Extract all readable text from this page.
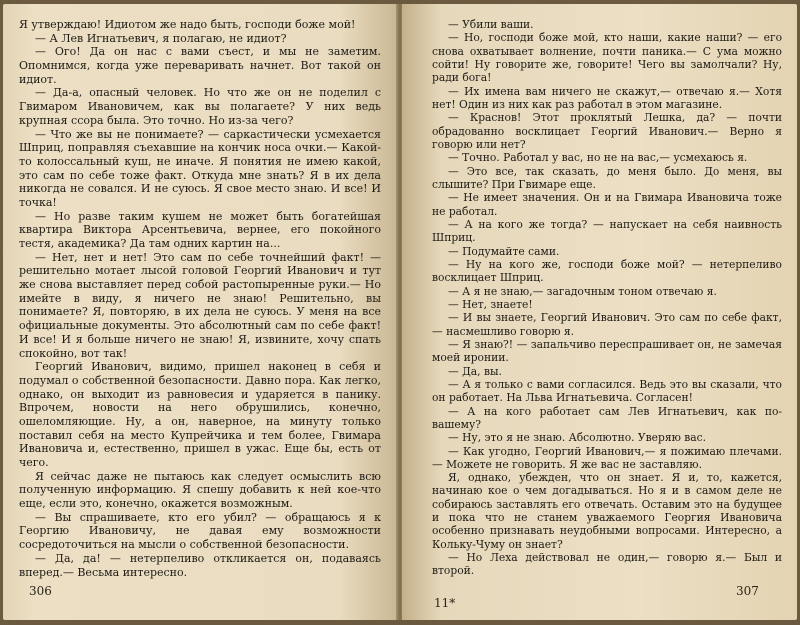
Я утверждаю! Идиотом же надо быть, господи боже мой!

— А Лев Игнатьевич, я полагаю, не идиот?

— Ого! Да он нас с вами съест, и мы не заметим. Опомнимся, когда уже переваривать начнет. Вот такой он идиот.

— Да-а, опасный человек. Но что же он не поделил с Гвимаром Ивановичем, как вы полагаете? У них ведь крупная ссора была. Это точно. Но из-за чего?

— Что же вы не понимаете? — саркастически усмехается Шприц, поправляя съехавшие на кончик носа очки.— Какой-то колоссальный куш, не иначе. Я понятия не имею какой, это сам по себе тоже факт. Откуда мне знать? Я в их дела никогда не совался. И не суюсь. Я свое место знаю. И все! И точка!

— Но разве таким кушем не может быть богатейшая квартира Виктора Арсентьевича, вернее, его покойного тестя, академика? Да там одних картин на...

— Нет, нет и нет! Это сам по себе точнейший факт! — решительно мотает лысой головой Георгий Иванович и тут же снова выставляет перед собой растопыренные руки.— Но имейте в виду, я ничего не знаю! Решительно, вы понимаете? Я, повторяю, в их дела не суюсь. У меня на все официальные документы. Это абсолютный сам по себе факт! И все! И я больше ничего не знаю! Я, извините, хочу спать спокойно, вот так!

Георгий Иванович, видимо, пришел наконец в себя и подумал о собственной безопасности. Давно пора. Как легко, однако, он выходит из равновесия и ударяется в панику. Впрочем, новости на него обрушились, конечно, ошеломляющие. Ну, а он, наверное, на минуту только поставил себя на место Купрейчика и тем более, Гвимара Ивановича и, естественно, пришел в ужас. Еще бы, есть от чего.

Я сейчас даже не пытаюсь как следует осмыслить всю полученную информацию. Я спешу добавить к ней кое-что еще, если это, конечно, окажется возможным.

— Вы спрашиваете, кто его убил? — обращаюсь я к Георгию Ивановичу, не давая ему возможности сосредоточиться на мысли о собственной безопасности.

— Да, да! — нетерпеливо откликается он, подаваясь вперед.— Весьма интересно.

306

— Убили ваши.

— Но, господи боже мой, кто наши, какие наши? — его снова охватывает волнение, почти паника.— С ума можно сойти! Ну говорите же, говорите! Чего вы замолчали? Ну, ради бога!

— Их имена вам ничего не скажут,— отвечаю я.— Хотя нет! Один из них как раз работал в этом магазине.

— Краснов! Этот проклятый Лешка, да? — почти обрадованно восклицает Георгий Иванович.— Верно я говорю или нет?

— Точно. Работал у вас, но не на вас,— усмехаюсь я.

— Это все, так сказать, до меня было. До меня, вы слышите? При Гвимаре еще.

— Не имеет значения. Он и на Гвимара Ивановича тоже не работал.

— А на кого же тогда? — напускает на себя наивность Шприц.

— Подумайте сами.

— Ну на кого же, господи боже мой? — нетерпеливо восклицает Шприц.

— А я не знаю,— загадочным тоном отвечаю я.

— Нет, знаете!

— И вы знаете, Георгий Иванович. Это сам по себе факт,— насмешливо говорю я.

— Я знаю?! — запальчиво переспрашивает он, не замечая моей иронии.

— Да, вы.

— А я только с вами согласился. Ведь это вы сказали, что он работает. На Льва Игнатьевича. Согласен!

— А на кого работает сам Лев Игнатьевич, как по-вашему?

— Ну, это я не знаю. Абсолютно. Уверяю вас.

— Как угодно, Георгий Иванович,— я пожимаю плечами.— Можете не говорить. Я же вас не заставляю.

Я, однако, убежден, что он знает. Я и, то, кажется, начинаю кое о чем догадываться. Но я и в самом деле не собираюсь заставлять его отвечать. Оставим это на будущее и пока что не станем уважаемого Георгия Ивановича особенно признавать неудобными вопросами. Интересно, а Кольку-Чуму он знает?

— Но Леха действовал не один,— говорю я.— Был и второй.

11*
307
